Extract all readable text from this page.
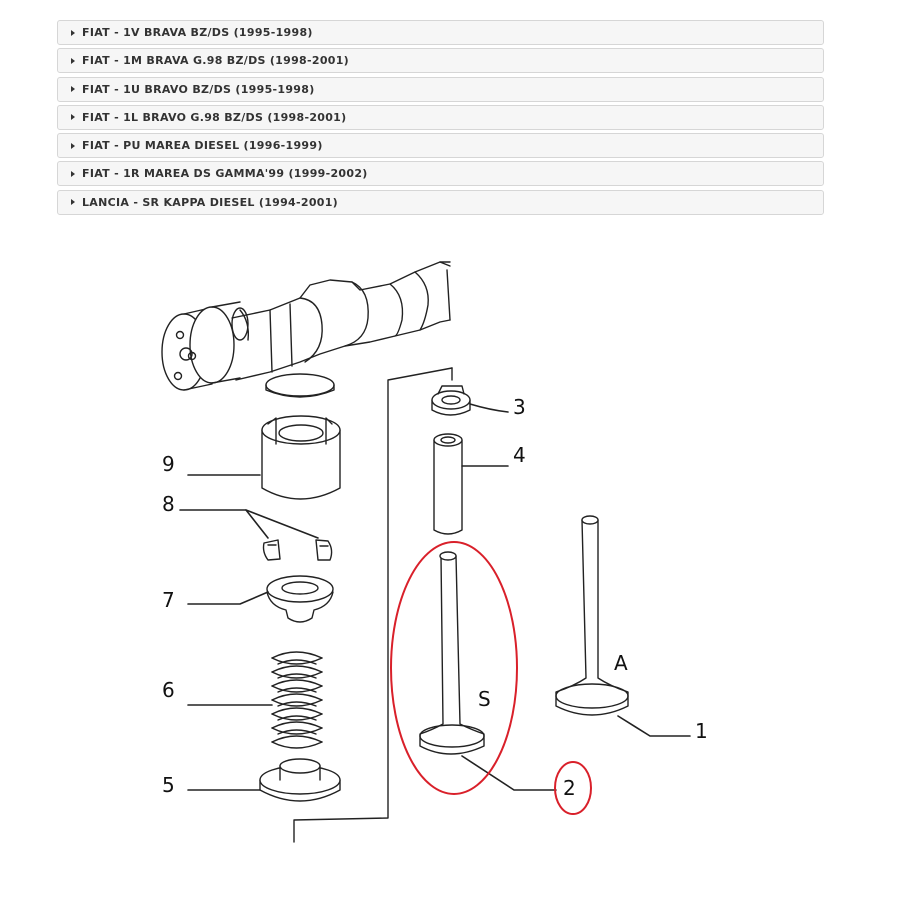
FIAT - 1V BRAVA BZ/DS (1995-1998)
FIAT - 1M BRAVA G.98 BZ/DS (1998-2001)
FIAT - 1U BRAVO BZ/DS (1995-1998)
FIAT - 1L BRAVO G.98 BZ/DS (1998-2001)
FIAT - PU MAREA DIESEL (1996-1999)
FIAT - 1R MAREA DS GAMMA'99 (1999-2002)
LANCIA - SR KAPPA DIESEL (1994-2001)
1
2
3
4
5
6
7
8
9
A
S
